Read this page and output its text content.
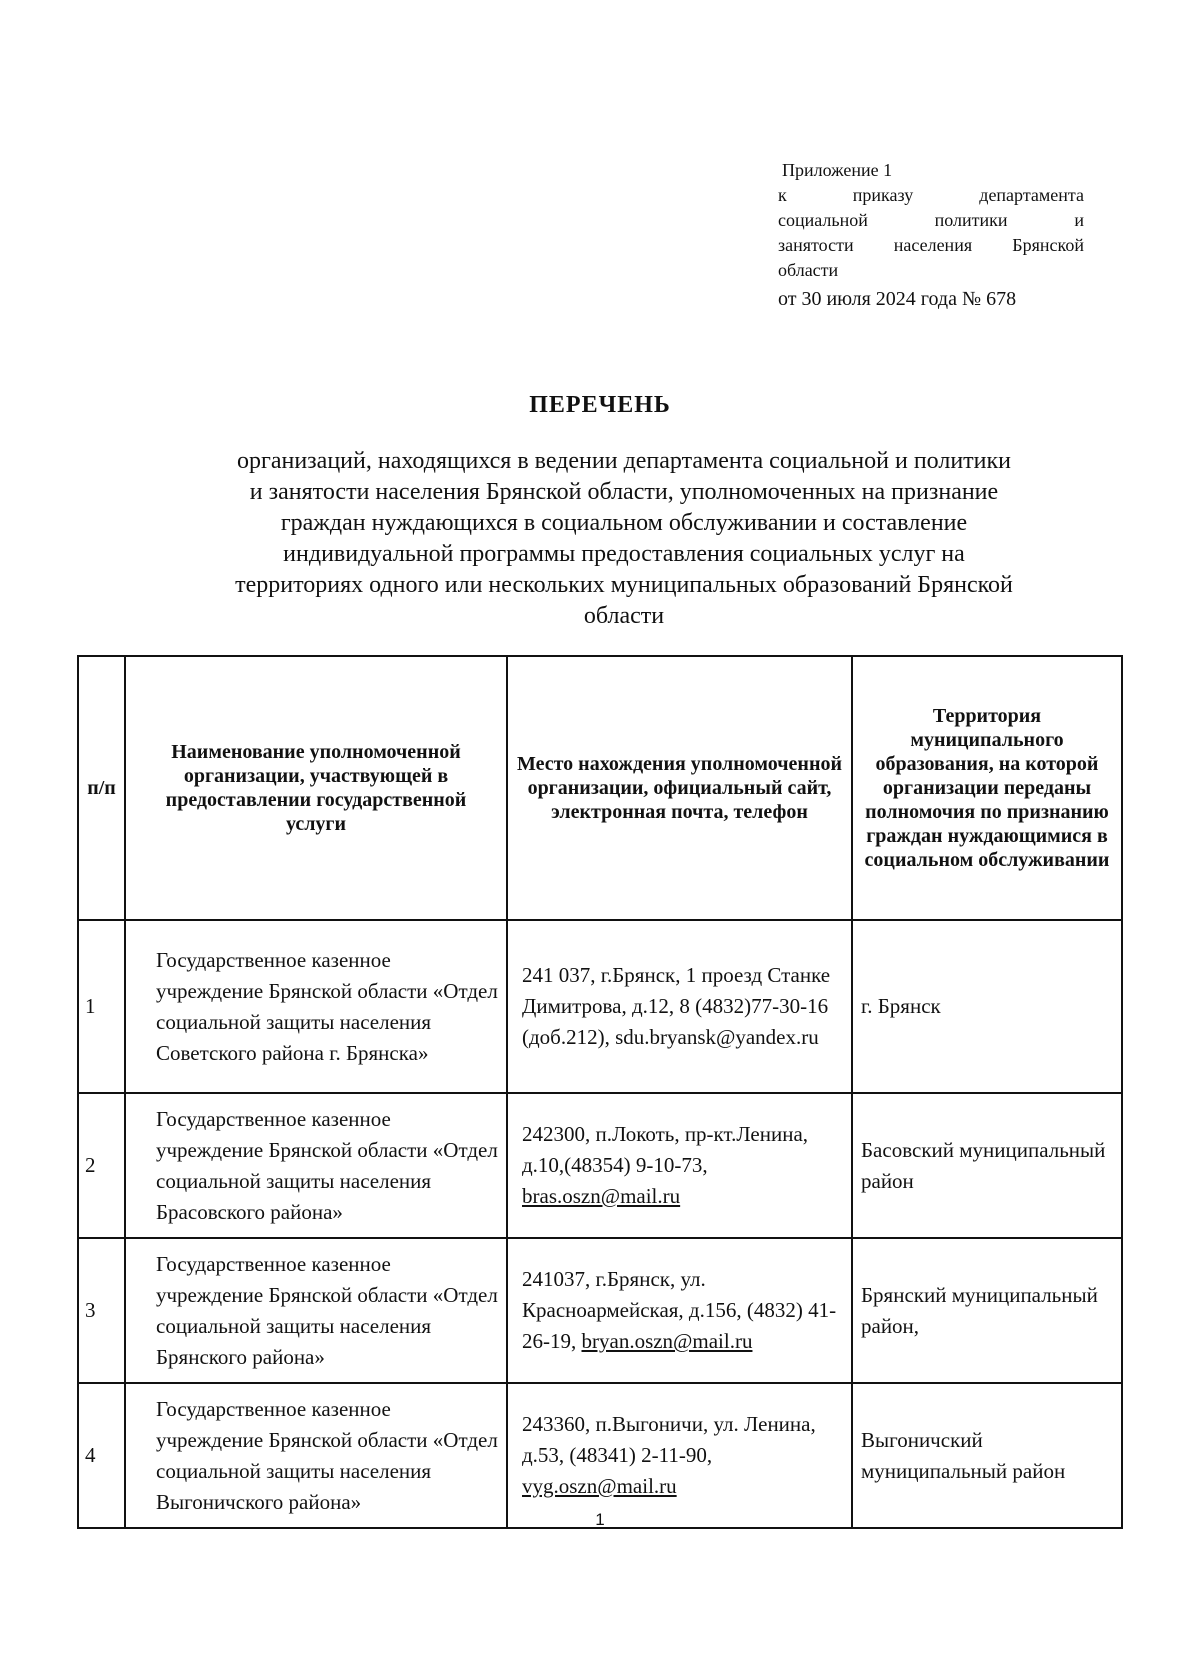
Приложение 1
к	приказу	департамента
социальной	политики	и
занятости населения Брянской
области
от 30 июля 2024 года № 678
ПЕРЕЧЕНЬ
организаций, находящихся в ведении департамента социальной и политики
и занятости населения Брянской области, уполномоченных на признание
граждан нуждающихся в социальном обслуживании и составление
индивидуальной программы предоставления социальных услуг на
территориях одного или нескольких муниципальных образований Брянской
области
п/п	Наименование уполномоченной организации, участвующей в предоставлении государственной услуги	Место нахождения уполномоченной организации, официальный сайт, электронная почта, телефон	Территория муниципального образования, на которой организации переданы полномочия по признанию граждан нуждающимися в социальном обслуживании
1	Государственное казенное учреждение Брянской области «Отдел социальной защиты населения Советского района г. Брянска»	241 037, г.Брянск, 1 проезд Станке Димитрова, д.12, 8 (4832)77-30-16 (доб.212), sdu.bryansk@yandex.ru	г. Брянск
2	Государственное казенное учреждение Брянской области «Отдел социальной защиты населения Брасовского района»	242300, п.Локоть, пр-кт.Ленина, д.10,(48354) 9-10-73, bras.oszn@mail.ru	Басовский муниципальный район
3	Государственное казенное учреждение Брянской области «Отдел социальной защиты населения Брянского района»	241037, г.Брянск, ул. Красноармейская, д.156, (4832) 41-26-19, bryan.oszn@mail.ru	Брянский муниципальный район,
4	Государственное казенное учреждение Брянской области «Отдел социальной защиты населения Выгоничского района»	243360, п.Выгоничи, ул. Ленина, д.53, (48341) 2-11-90, vyg.oszn@mail.ru	Выгоничский муниципальный район
1
